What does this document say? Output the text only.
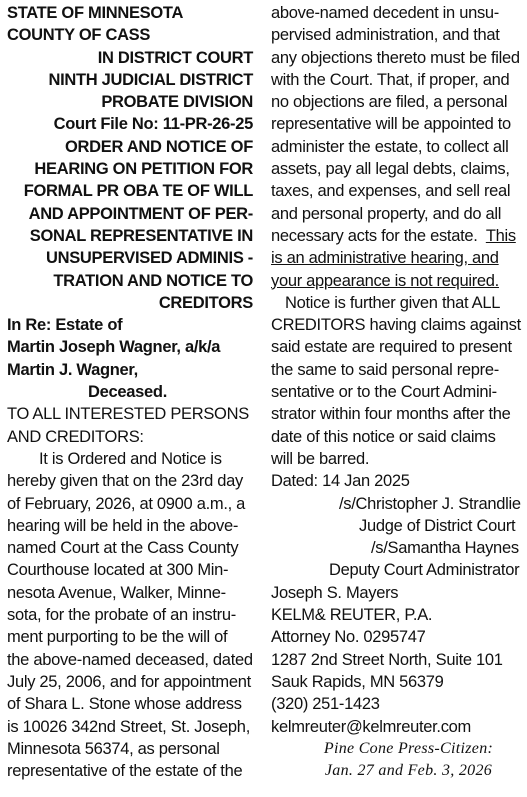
STATE OF MINNESOTA
COUNTY OF CASS
IN DISTRICT COURT
NINTH JUDICIAL DISTRICT
PROBATE DIVISION
Court File No: 11-PR-26-25
ORDER AND NOTICE OF
HEARING ON PETITION FOR
FORMAL PR OBA TE OF WILL
AND APPOINTMENT OF PER-
SONAL REPRESENTATIVE IN
UNSUPERVISED ADMINIS -
TRATION AND NOTICE TO
CREDITORS
In Re: Estate of
Martin Joseph Wagner, a/k/a
Martin J. Wagner,
Deceased.
TO ALL INTERESTED PERSONS
AND CREDITORS:
It is Ordered and Notice is
hereby given that on the 23rd day
of February, 2026, at 0900 a.m., a
hearing will be held in the above-
named Court at the Cass County
Courthouse located at 300 Min-
nesota Avenue, Walker, Minne-
sota, for the probate of an instru-
ment purporting to be the will of
the above-named deceased, dated
July 25, 2006, and for appointment
of Shara L. Stone whose address
is 10026 342nd Street, St. Joseph,
Minnesota 56374, as personal
representative of the estate of the
above-named decedent in unsu-
pervised administration, and that
any objections thereto must be filed
with the Court. That, if proper, and
no objections are filed, a personal
representative will be appointed to
administer the estate, to collect all
assets, pay all legal debts, claims,
taxes, and expenses, and sell real
and personal property, and do all
necessary acts for the estate. This
is an administrative hearing, and
your appearance is not required.
Notice is further given that ALL
CREDITORS having claims against
said estate are required to present
the same to said personal repre-
sentative or to the Court Admini-
strator within four months after the
date of this notice or said claims
will be barred.
Dated: 14 Jan 2025
/s/Christopher J. Strandlie
Judge of District Court
/s/Samantha Haynes
Deputy Court Administrator
Joseph S. Mayers
KELM& REUTER, P.A.
Attorney No. 0295747
1287 2nd Street North, Suite 101
Sauk Rapids, MN 56379
(320) 251-1423
kelmreuter@kelmreuter.com
Pine Cone Press-Citizen:
Jan. 27 and Feb. 3, 2026
